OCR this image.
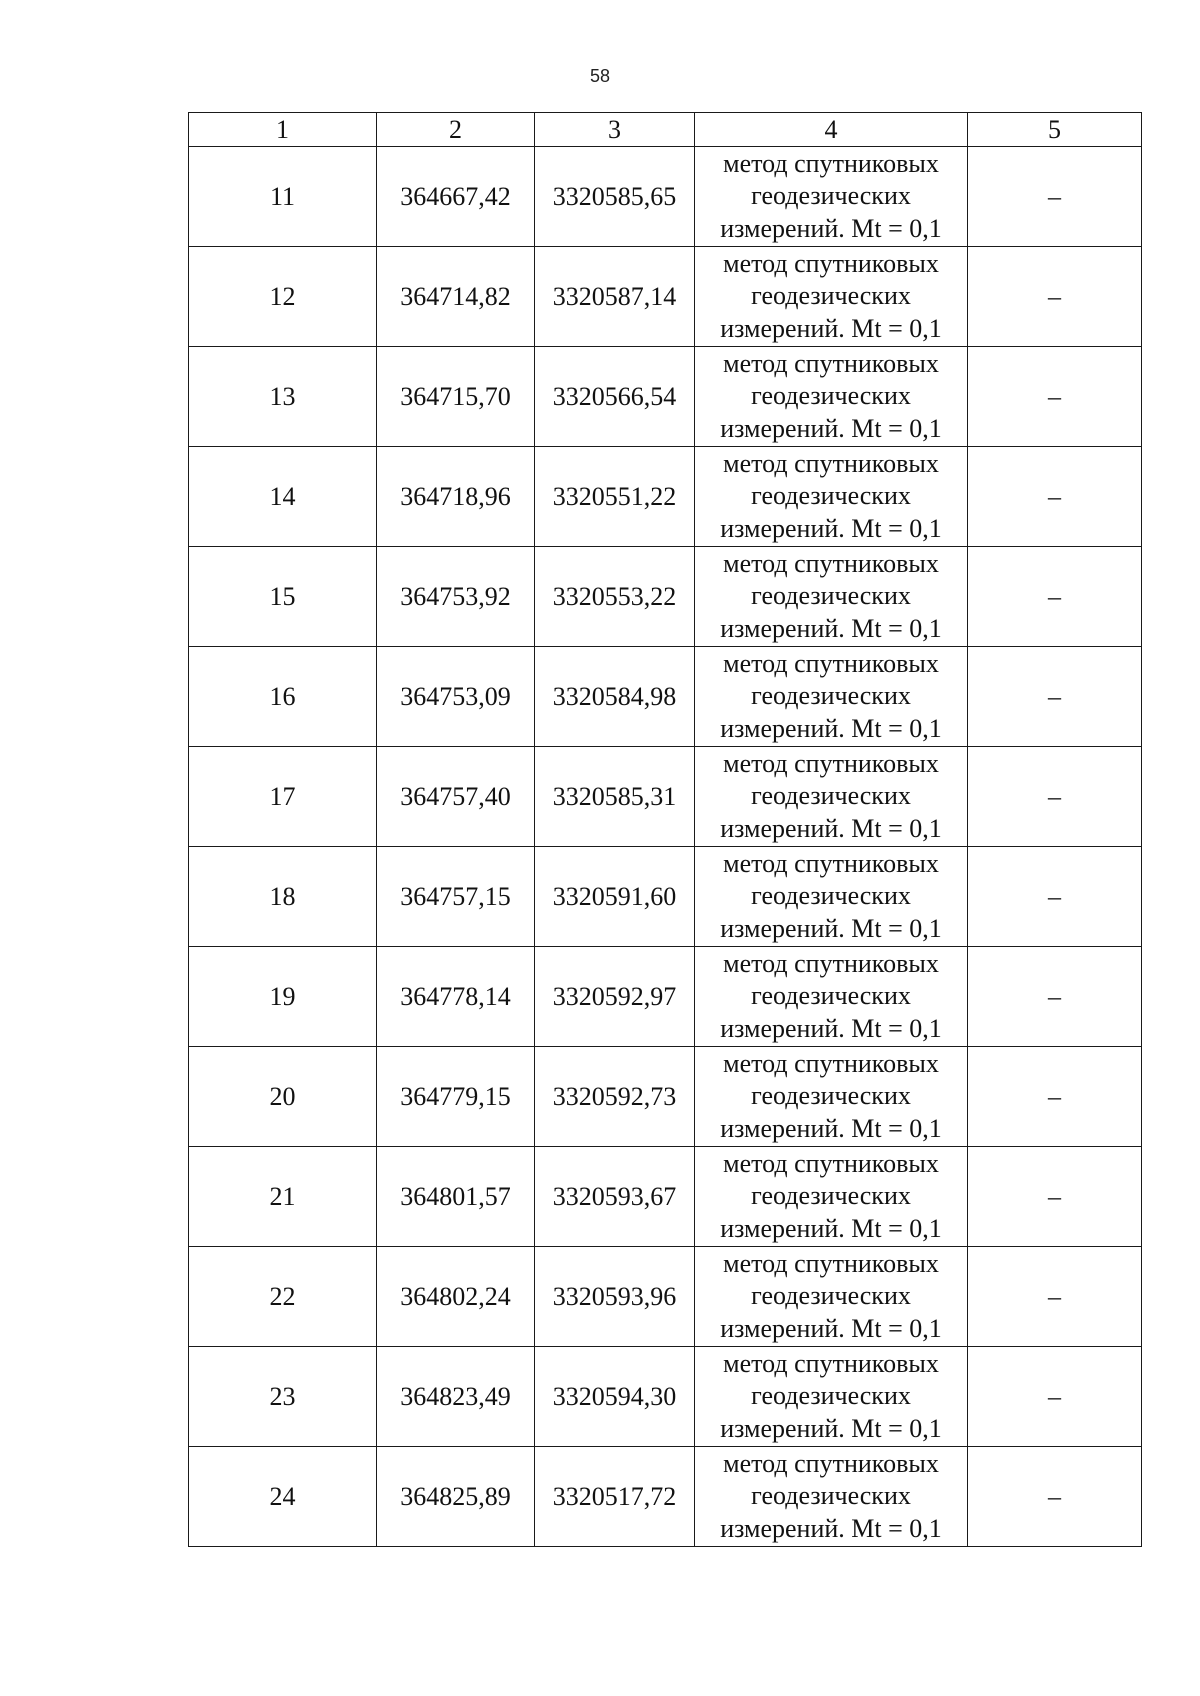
58
1	2	3	4	5
11	364667,42	3320585,65	метод спутниковых
геодезических
измерений. Mt = 0,1	–
12	364714,82	3320587,14	метод спутниковых
геодезических
измерений. Mt = 0,1	–
13	364715,70	3320566,54	метод спутниковых
геодезических
измерений. Mt = 0,1	–
14	364718,96	3320551,22	метод спутниковых
геодезических
измерений. Mt = 0,1	–
15	364753,92	3320553,22	метод спутниковых
геодезических
измерений. Mt = 0,1	–
16	364753,09	3320584,98	метод спутниковых
геодезических
измерений. Mt = 0,1	–
17	364757,40	3320585,31	метод спутниковых
геодезических
измерений. Mt = 0,1	–
18	364757,15	3320591,60	метод спутниковых
геодезических
измерений. Mt = 0,1	–
19	364778,14	3320592,97	метод спутниковых
геодезических
измерений. Mt = 0,1	–
20	364779,15	3320592,73	метод спутниковых
геодезических
измерений. Mt = 0,1	–
21	364801,57	3320593,67	метод спутниковых
геодезических
измерений. Mt = 0,1	–
22	364802,24	3320593,96	метод спутниковых
геодезических
измерений. Mt = 0,1	–
23	364823,49	3320594,30	метод спутниковых
геодезических
измерений. Mt = 0,1	–
24	364825,89	3320517,72	метод спутниковых
геодезических
измерений. Mt = 0,1	–
